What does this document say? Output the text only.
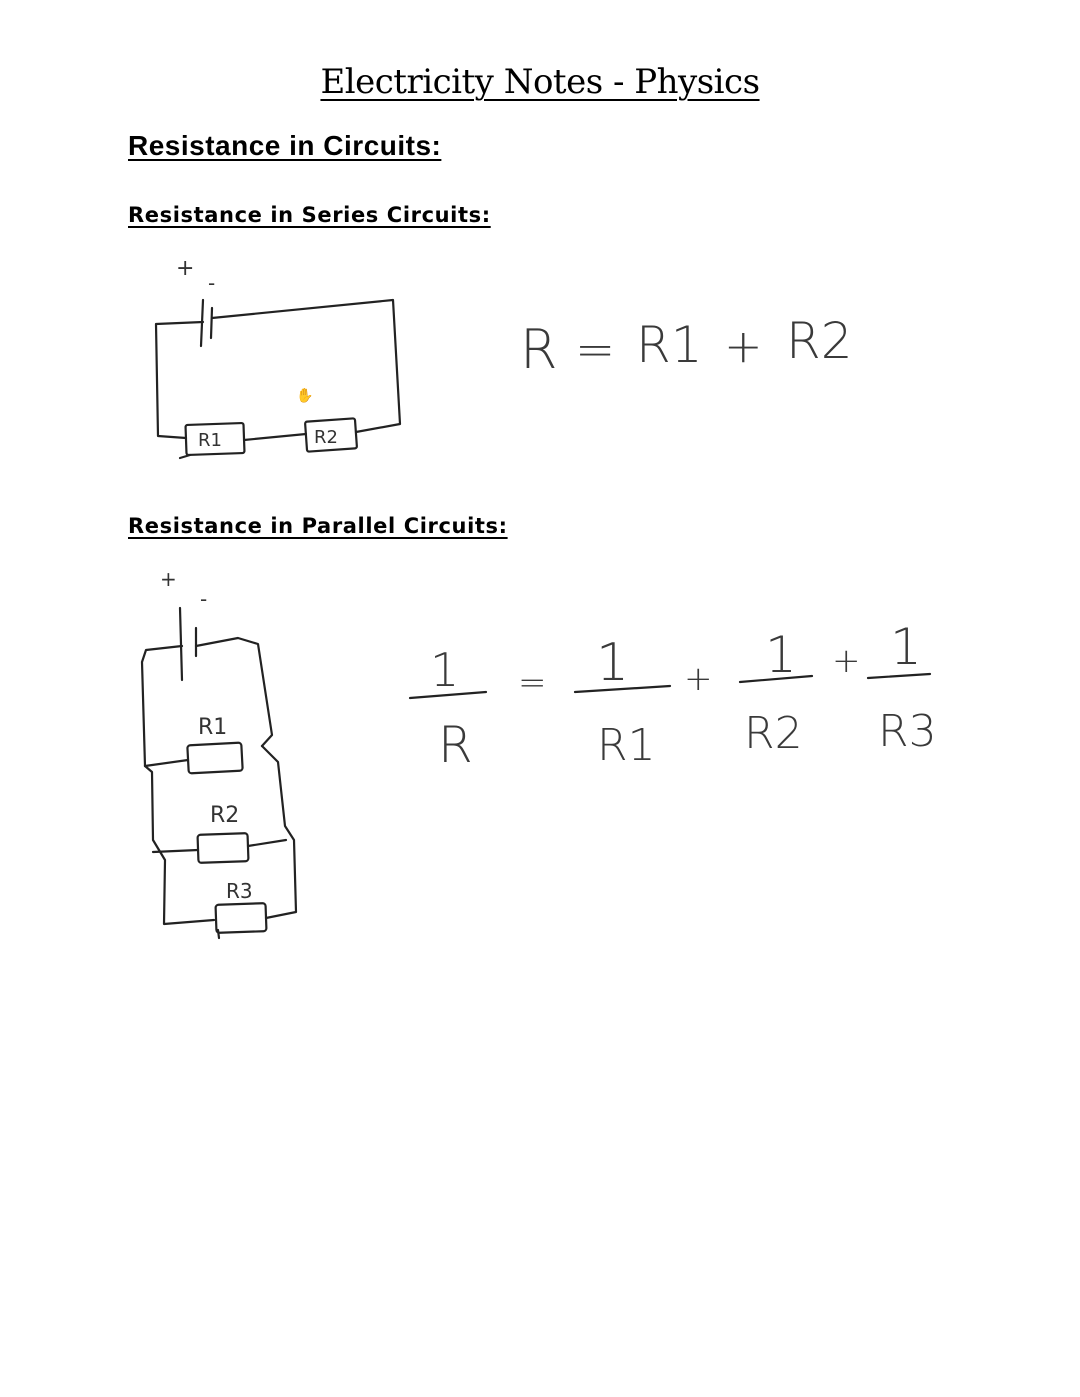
Electricity Notes - Physics
Resistance in Circuits:
Resistance in Series Circuits:
Resistance in Parallel Circuits:
+
-
R1	R2
✋
R = R1 + R2
+
-
R1
R2
R3
1
R
= 1
R1
+ 1
R2
+ 1
R3
